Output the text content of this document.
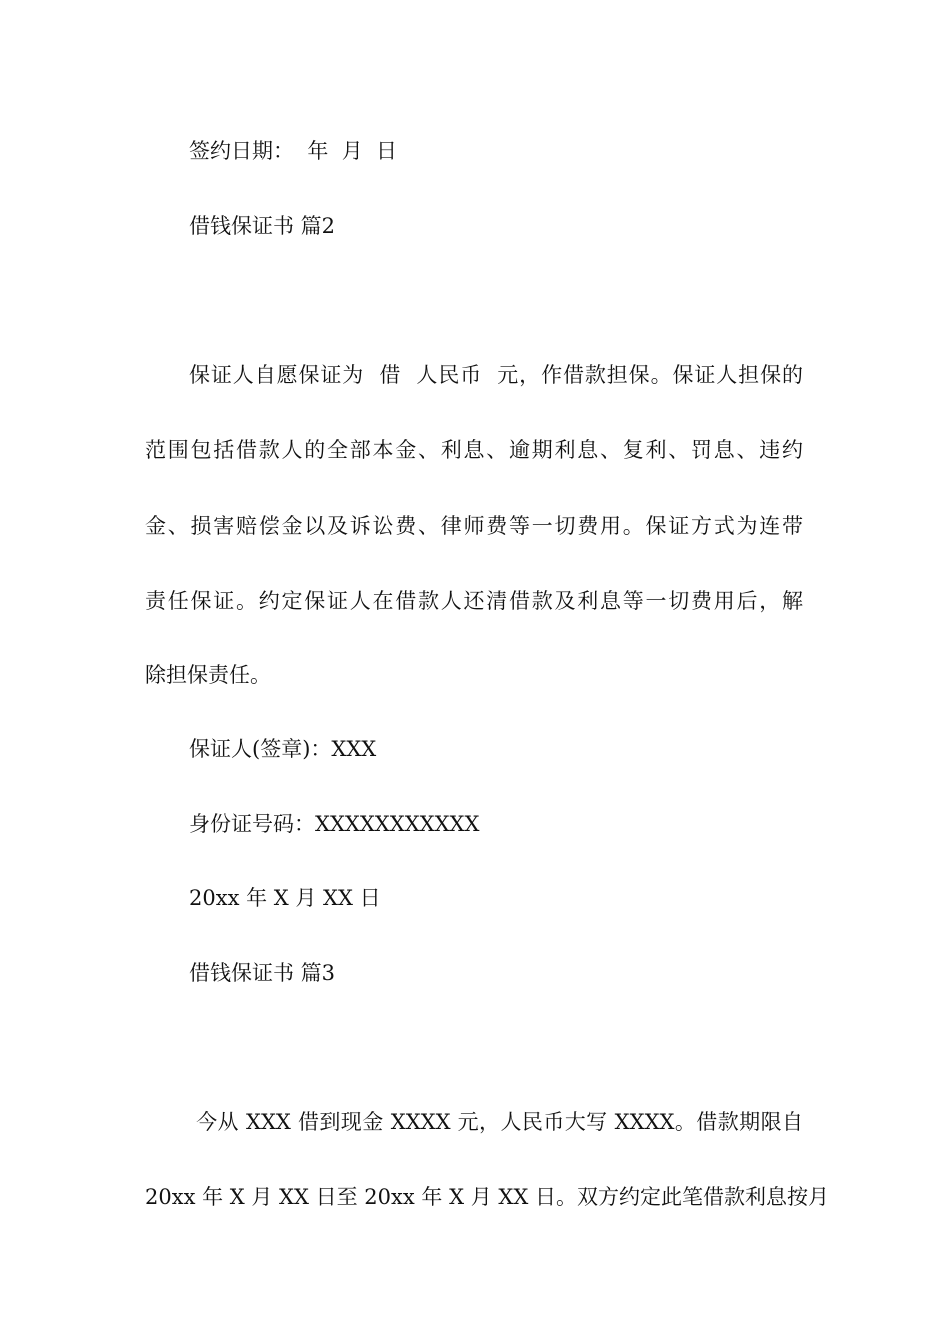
签约日期：  年  月  日
借钱保证书 篇2
保证人自愿保证为  借  人民币  元，作借款担保。保证人担保的
范围包括借款人的全部本金、利息、逾期利息、复利、罚息、违约
金、损害赔偿金以及诉讼费、律师费等一切费用。保证方式为连带
责任保证。约定保证人在借款人还清借款及利息等一切费用后，解
除担保责任。
保证人(签章)：XXX
身份证号码：XXXXXXXXXXX
20xx 年 X 月 XX 日
借钱保证书 篇3
今从 XXX 借到现金 XXXX 元，人民币大写 XXXX。借款期限自
20xx 年 X 月 XX 日至 20xx 年 X 月 XX 日。双方约定此笔借款利息按月
